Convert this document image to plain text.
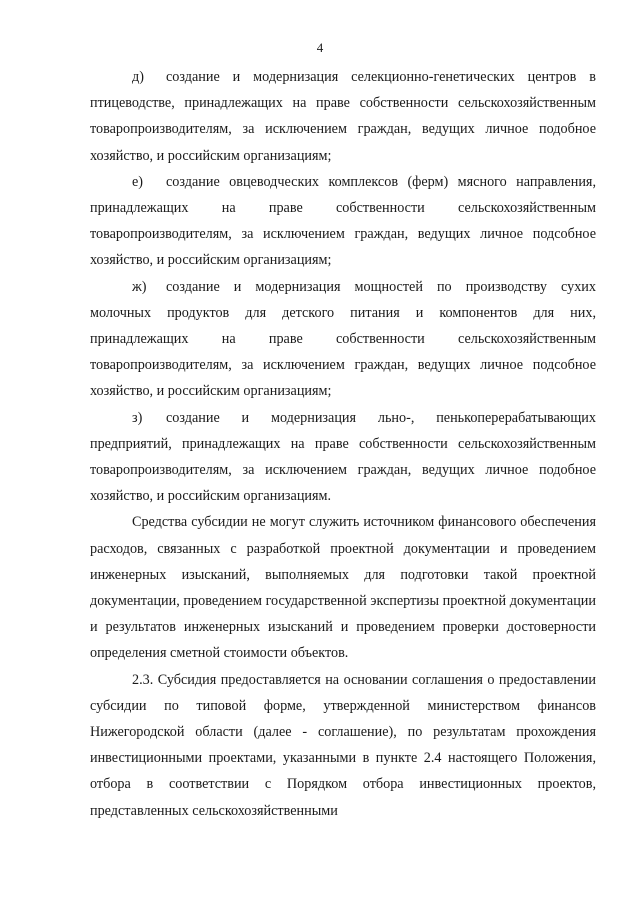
4

д) создание и модернизация селекционно-генетических центров в птицеводстве, принадлежащих на праве собственности сельскохозяйственным товаропроизводителям, за исключением граждан, ведущих личное подобное хозяйство, и российским организациям;

е) создание овцеводческих комплексов (ферм) мясного направления, принадлежащих на праве собственности сельскохозяйственным товаропроизводителям, за исключением граждан, ведущих личное подсобное хозяйство, и российским организациям;

ж) создание и модернизация мощностей по производству сухих молочных продуктов для детского питания и компонентов для них, принадлежащих на праве собственности сельскохозяйственным товаропроизводителям, за исключением граждан, ведущих личное подсобное хозяйство, и российским организациям;

з) создание и модернизация льно-, пенькоперерабатывающих предприятий, принадлежащих на праве собственности сельскохозяйственным товаропроизводителям, за исключением граждан, ведущих личное подобное хозяйство, и российским организациям.

Средства субсидии не могут служить источником финансового обеспечения расходов, связанных с разработкой проектной документации и проведением инженерных изысканий, выполняемых для подготовки такой проектной документации, проведением государственной экспертизы проектной документации и результатов инженерных изысканий и проведением проверки достоверности определения сметной стоимости объектов.

2.3. Субсидия предоставляется на основании соглашения о предоставлении субсидии по типовой форме, утвержденной министерством финансов Нижегородской области (далее - соглашение), по результатам прохождения инвестиционными проектами, указанными в пункте 2.4 настоящего Положения, отбора в соответствии с Порядком отбора инвестиционных проектов, представленных сельскохозяйственными
